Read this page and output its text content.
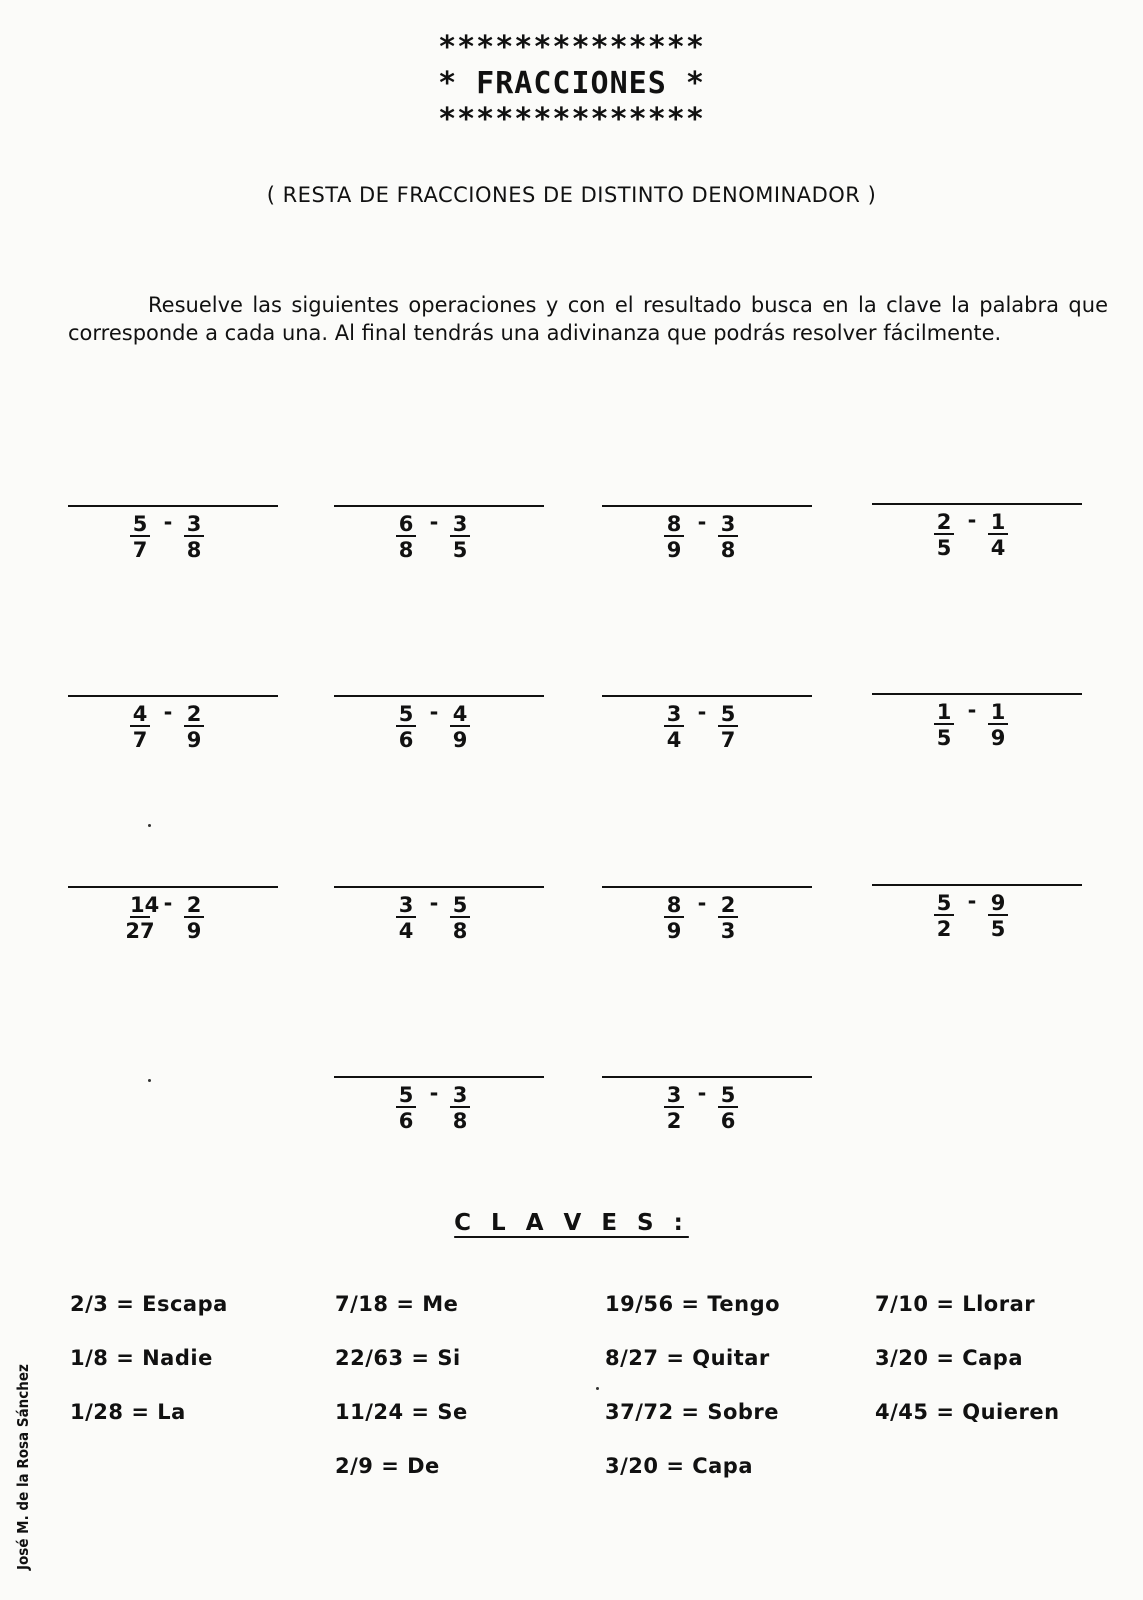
**************
* FRACCIONES *
**************
( RESTA DE FRACCIONES DE DISTINTO DENOMINADOR )
Resuelve las siguientes operaciones y con el resultado busca en la clave la palabra que corresponde a cada una. Al final tendrás una adivinanza que podrás resolver fácilmente.
$\frac{5}{7} - \frac{3}{8}$	$\frac{6}{8} - \frac{3}{5}$	$\frac{8}{9} - \frac{3}{8}$	$\frac{2}{5} - \frac{1}{4}$
$\frac{4}{7} - \frac{2}{9}$	$\frac{5}{6} - \frac{4}{9}$	$\frac{3}{4} - \frac{5}{7}$	$\frac{1}{5} - \frac{1}{9}$
$\frac{14}{27} - \frac{2}{9}$	$\frac{3}{4} - \frac{5}{8}$	$\frac{8}{9} - \frac{2}{3}$	$\frac{5}{2} - \frac{9}{5}$
$\frac{5}{6} - \frac{3}{8}$	$\frac{3}{2} - \frac{5}{6}$
C L A V E S :
2/3 = Escapa
1/8 = Nadie
1/28 = La
7/18 = Me
22/63 = Si
11/24 = Se
2/9 = De
19/56 = Tengo
8/27 = Quitar
37/72 = Sobre
3/20 = Capa
7/10 = Llorar
3/20 = Capa
4/45 = Quieren
José M. de la Rosa Sánchez
